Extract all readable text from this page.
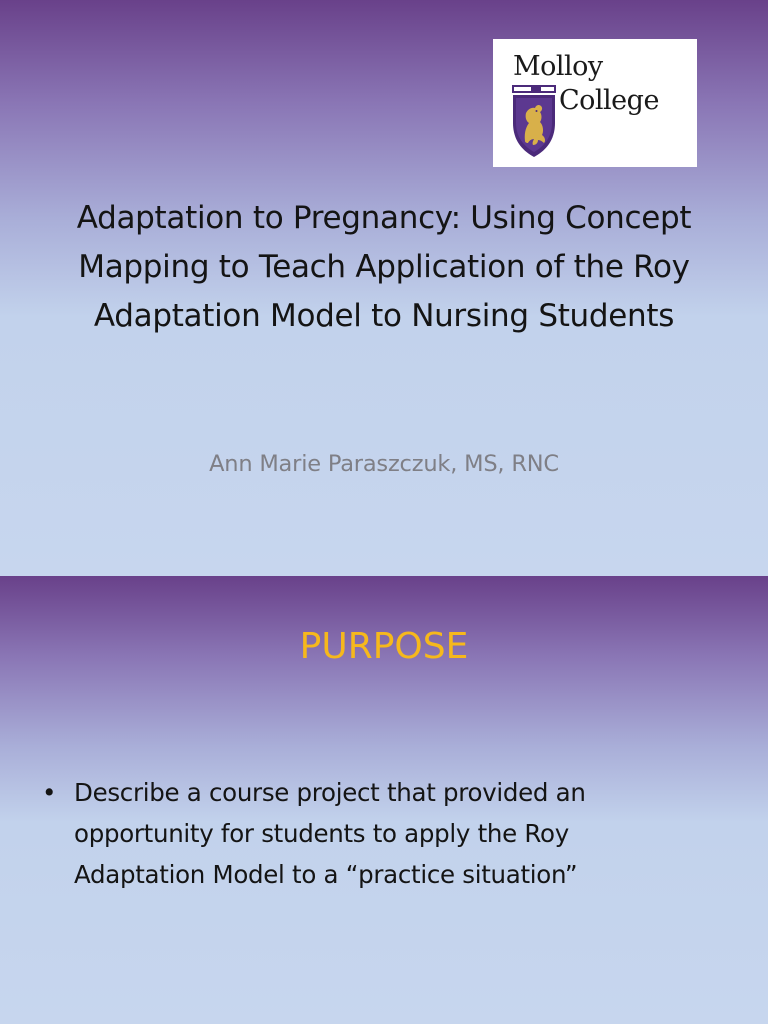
Molloy
College
Adaptation to Pregnancy: Using Concept Mapping to Teach Application of the Roy Adaptation Model to Nursing Students

Ann Marie Paraszczuk, MS, RNC

PURPOSE
• Describe a course project that provided an opportunity for students to apply the Roy Adaptation Model to a “practice situation”
